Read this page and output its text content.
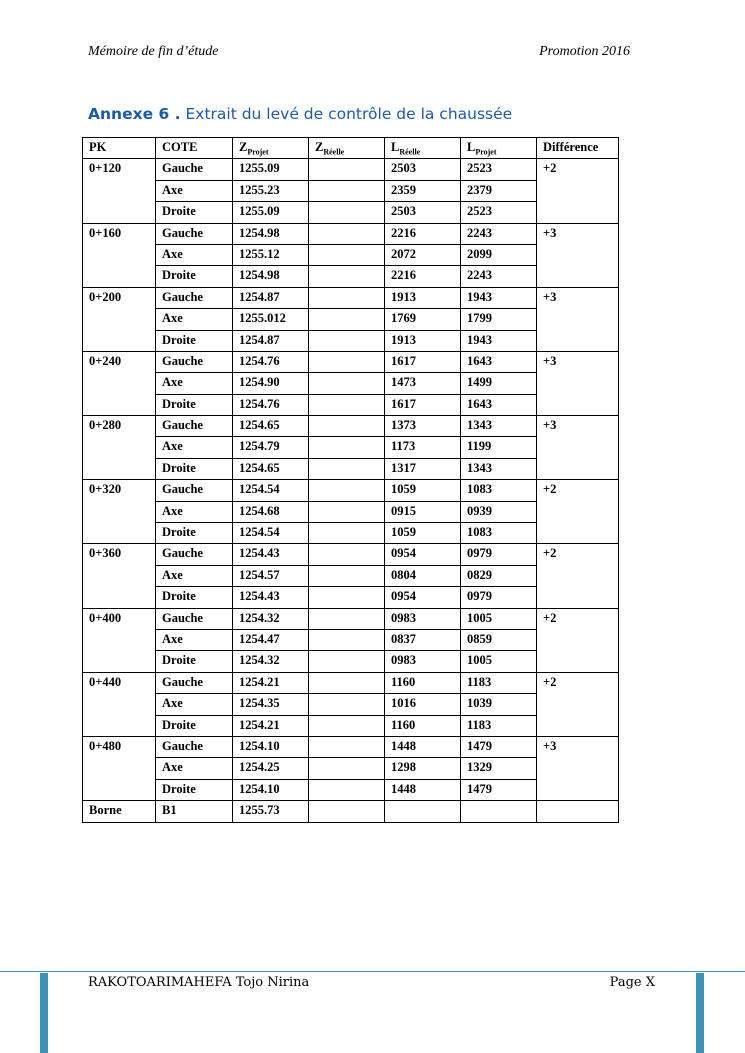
Mémoire de fin d’étude	Promotion 2016
Annexe 6 . Extrait du levé de contrôle de la chaussée
PK	COTE	$Z_{Projet}$	$Z_{Réelle}$	$L_{Réelle}$	$L_{Projet}$	Différence
0+120	Gauche	1255.09		2503	2523	+2
	Axe	1255.23		2359	2379	
	Droite	1255.09		2503	2523	
0+160	Gauche	1254.98		2216	2243	+3
	Axe	1255.12		2072	2099	
	Droite	1254.98		2216	2243	
0+200	Gauche	1254.87		1913	1943	+3
	Axe	1255.012		1769	1799	
	Droite	1254.87		1913	1943	
0+240	Gauche	1254.76		1617	1643	+3
	Axe	1254.90		1473	1499	
	Droite	1254.76		1617	1643	
0+280	Gauche	1254.65		1373	1343	+3
	Axe	1254.79		1173	1199	
	Droite	1254.65		1317	1343	
0+320	Gauche	1254.54		1059	1083	+2
	Axe	1254.68		0915	0939	
	Droite	1254.54		1059	1083	
0+360	Gauche	1254.43		0954	0979	+2
	Axe	1254.57		0804	0829	
	Droite	1254.43		0954	0979	
0+400	Gauche	1254.32		0983	1005	+2
	Axe	1254.47		0837	0859	
	Droite	1254.32		0983	1005	
0+440	Gauche	1254.21		1160	1183	+2
	Axe	1254.35		1016	1039	
	Droite	1254.21		1160	1183	
0+480	Gauche	1254.10		1448	1479	+3
	Axe	1254.25		1298	1329	
	Droite	1254.10		1448	1479	
Borne	B1	1255.73				
RAKOTOARIMAHEFA Tojo Nirina	Page X
